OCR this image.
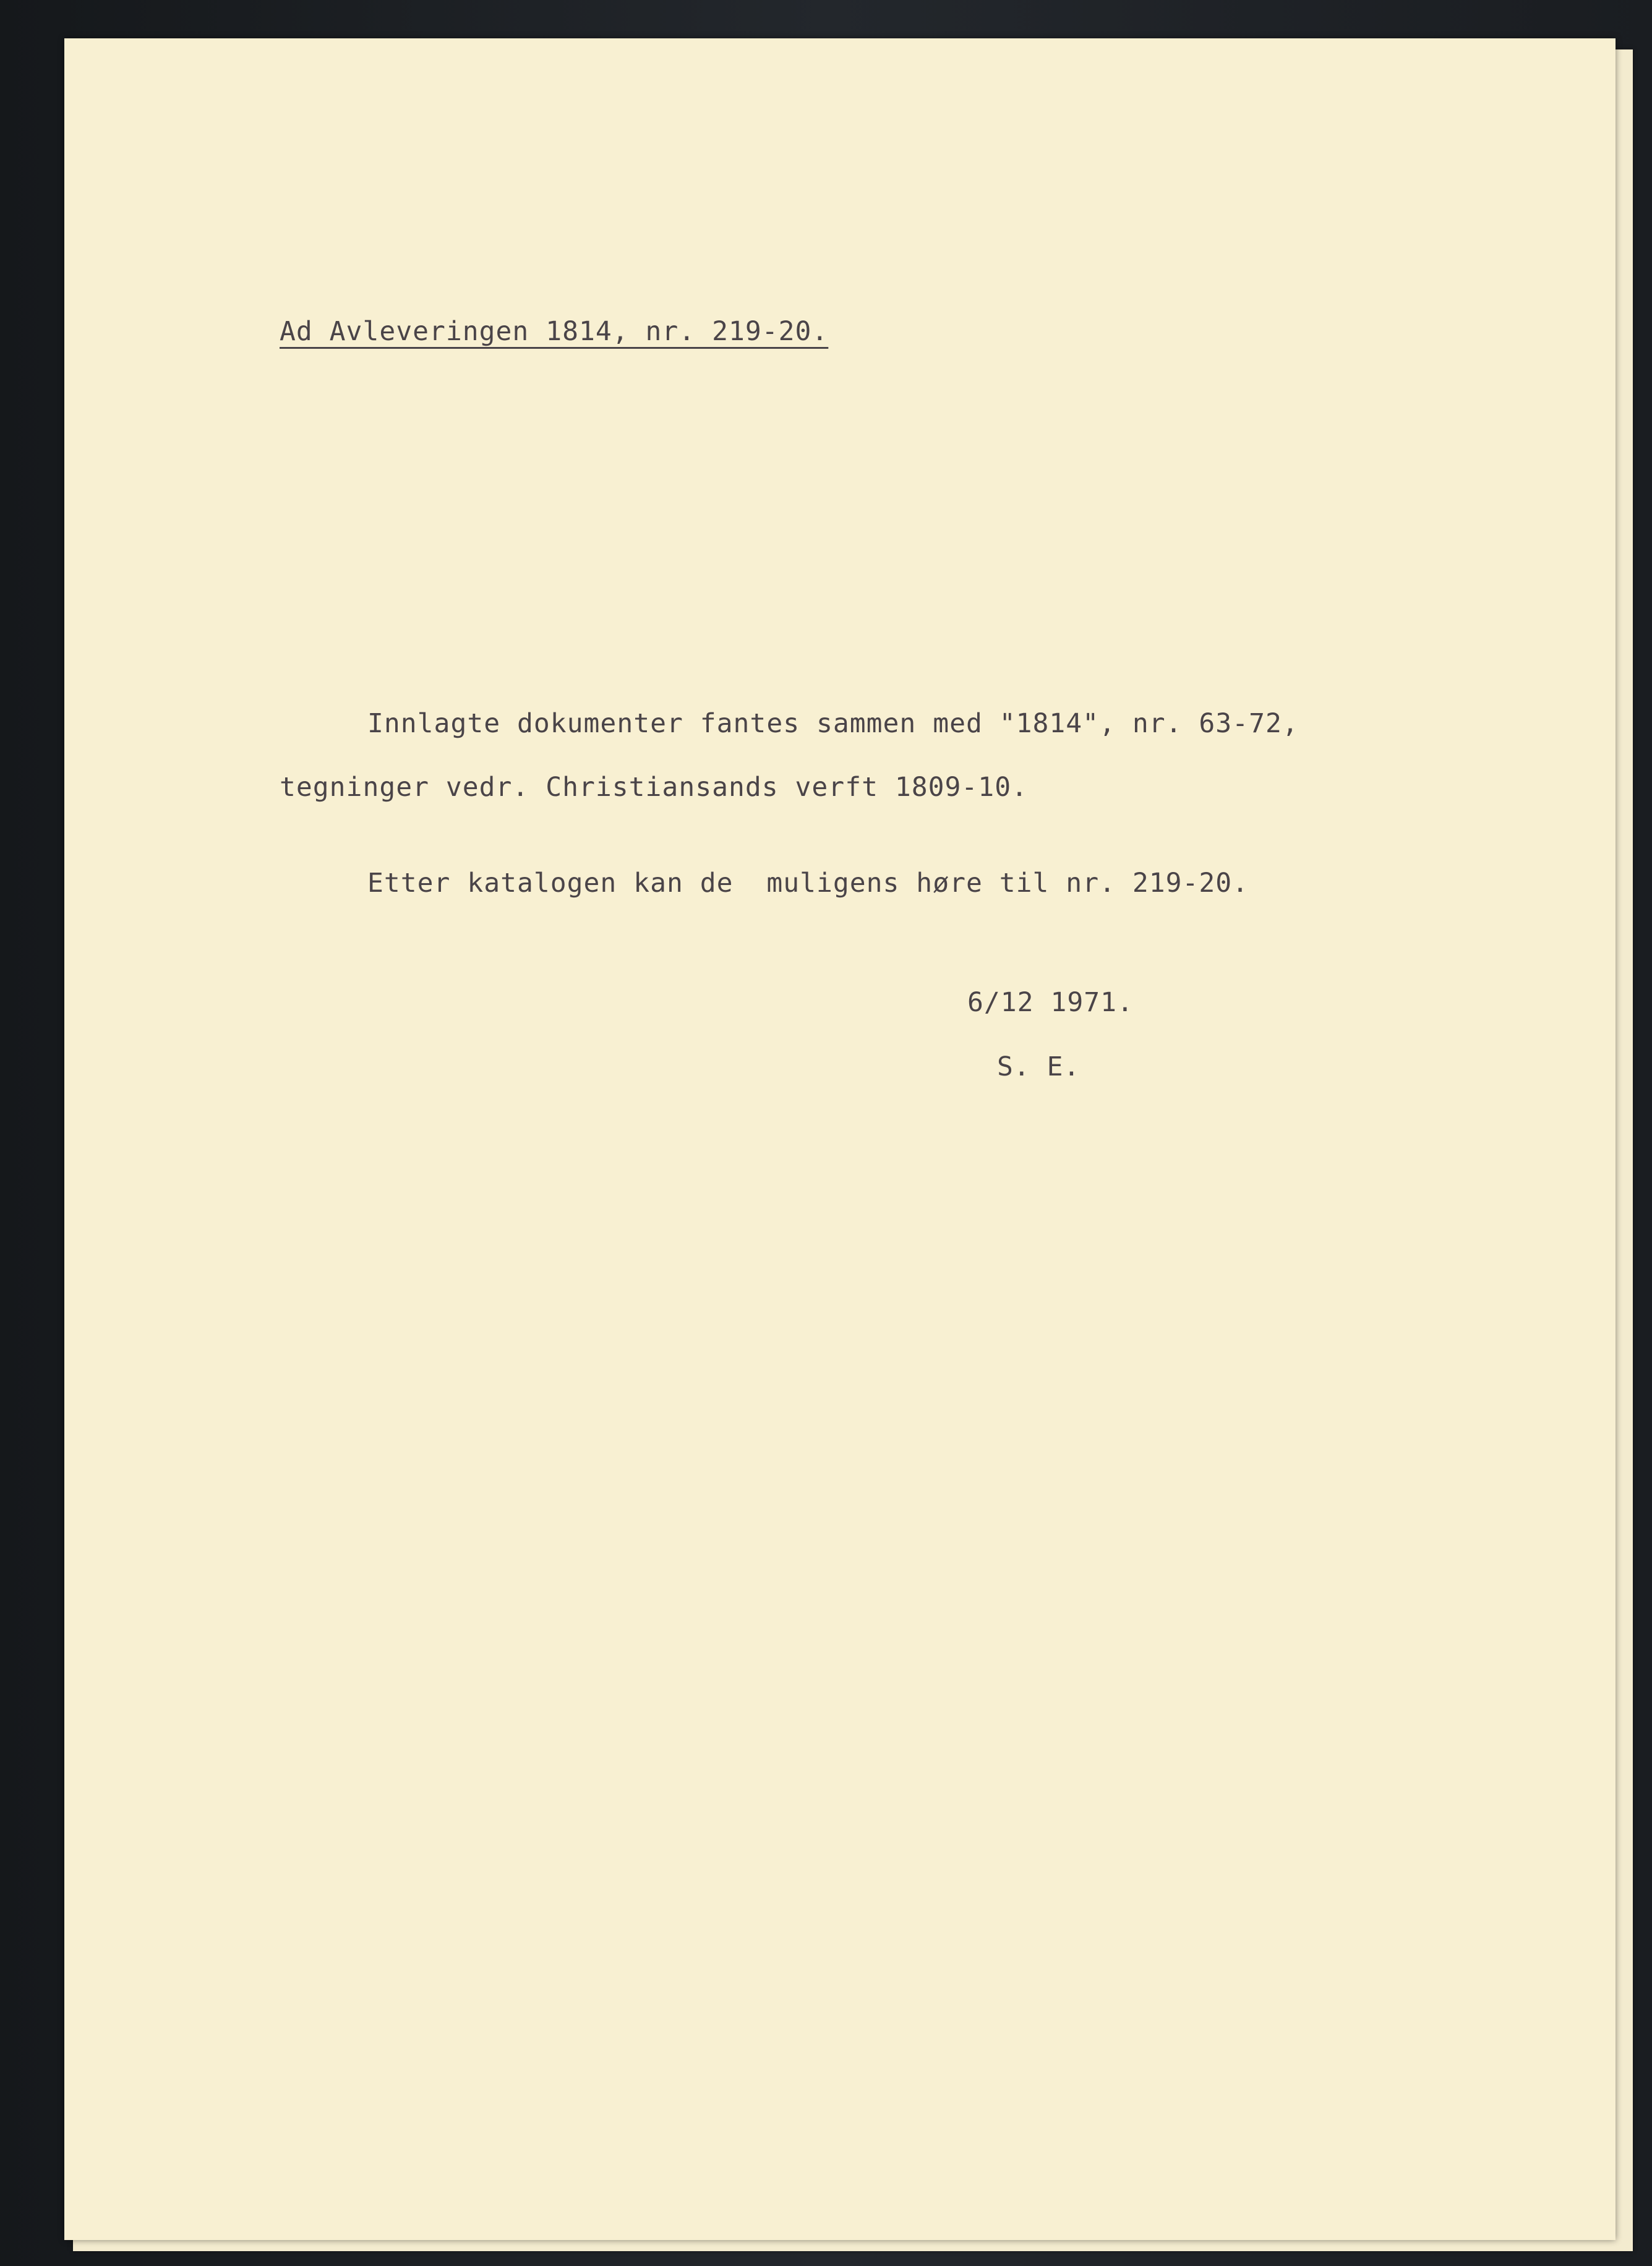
Ad Avleveringen 1814, nr. 219-20.
Innlagte dokumenter fantes sammen med "1814", nr. 63-72,
tegninger vedr. Christiansands verft 1809-10.
Etter katalogen kan de  muligens høre til nr. 219-20.
6/12 1971.
S. E.
